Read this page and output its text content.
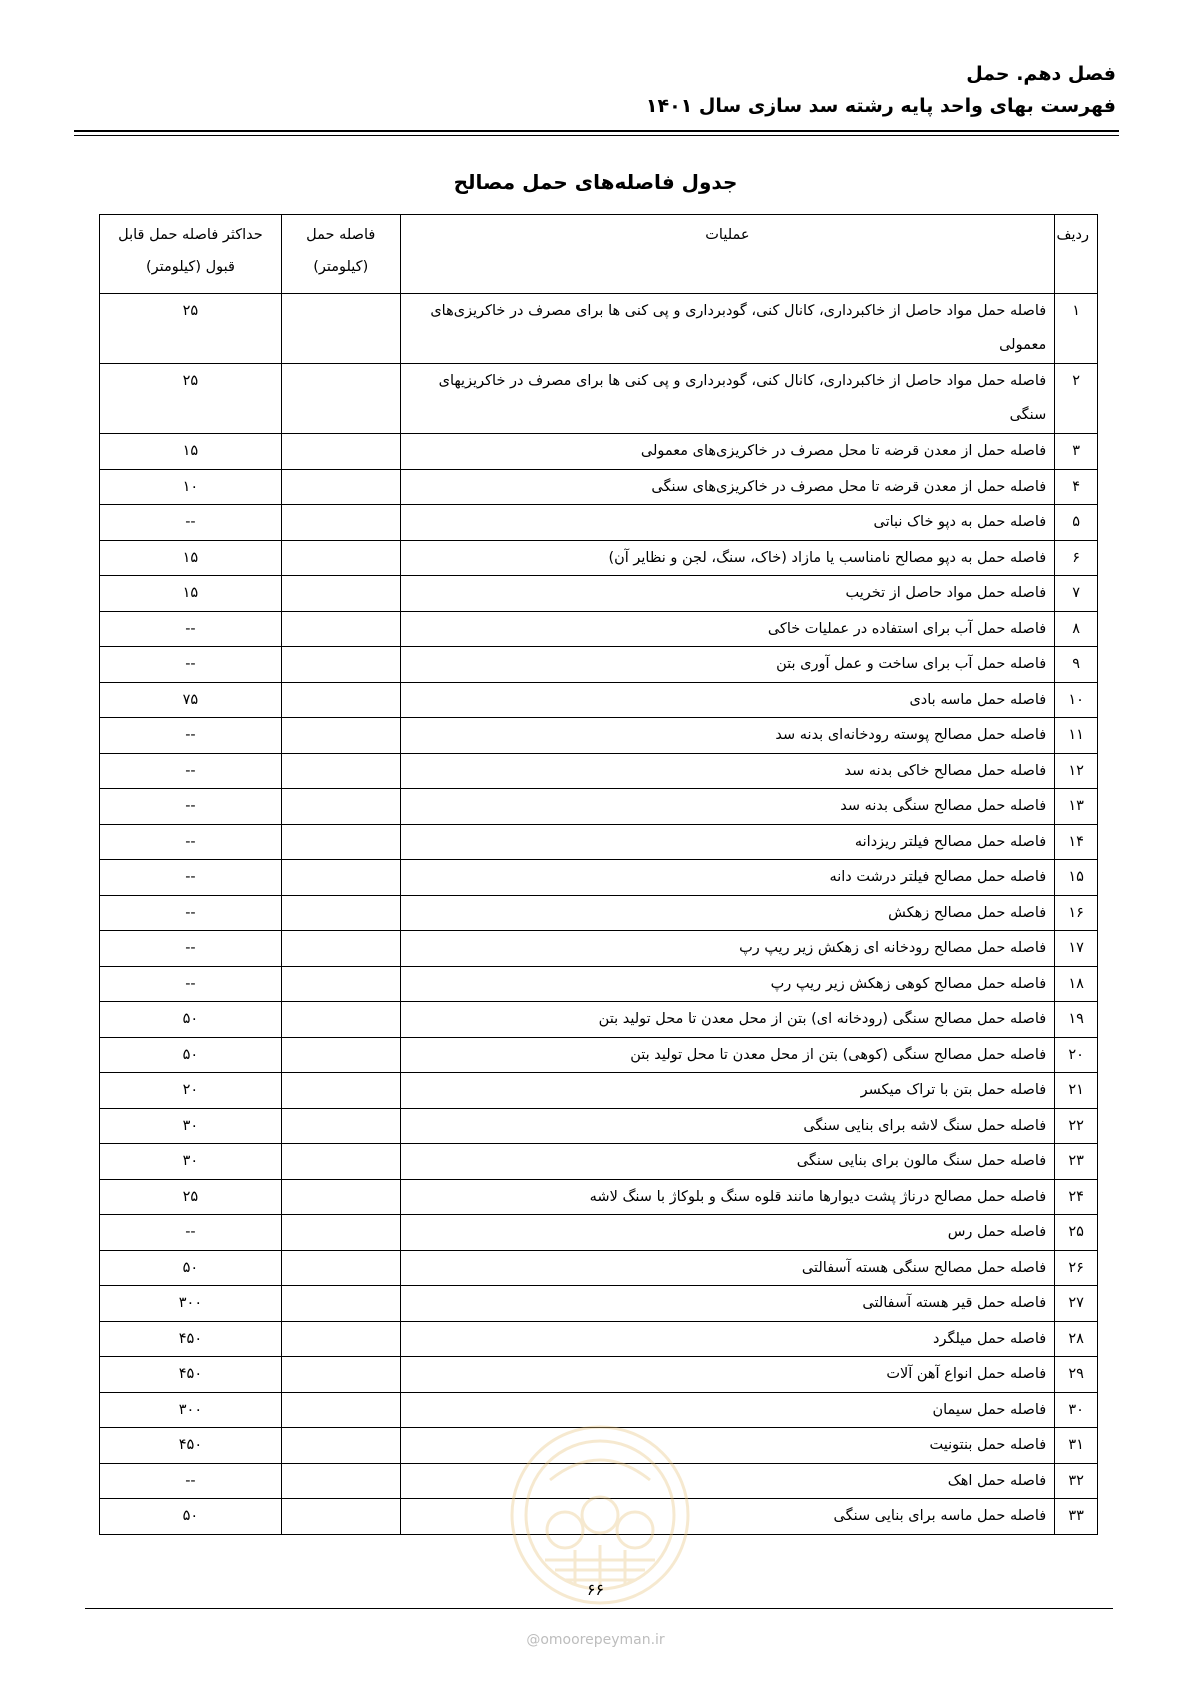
فصل دهم. حمل
فهرست بهای واحد پایه رشته سد سازی سال ۱۴۰۱
جدول فاصله‌های حمل مصالح
ردیف	عملیات	فاصله حمل (کیلومتر)	حداکثر فاصله حمل قابل قبول (کیلومتر)
۱	فاصله حمل مواد حاصل از خاکبرداری، کانال کنی، گودبرداری و پی کنی ها برای مصرف در خاکریزی‌های معمولی		۲۵
۲	فاصله حمل مواد حاصل از خاکبرداری، کانال کنی، گودبرداری و پی کنی ها برای مصرف در خاکریزیهای سنگی		۲۵
۳	فاصله حمل از معدن قرضه تا محل مصرف در خاکریزی‌های معمولی		۱۵
۴	فاصله حمل از معدن قرضه تا محل مصرف در خاکریزی‌های سنگی		۱۰
۵	فاصله حمل به دپو خاک نباتی		--
۶	فاصله حمل به دپو مصالح نامناسب یا مازاد (خاک، سنگ، لجن و نظایر آن)		۱۵
۷	فاصله حمل مواد حاصل از تخریب		۱۵
۸	فاصله حمل آب برای استفاده در عملیات خاکی		--
۹	فاصله حمل آب برای ساخت و عمل آوری بتن		--
۱۰	فاصله حمل ماسه بادی		۷۵
۱۱	فاصله حمل مصالح پوسته رودخانه‌ای بدنه سد		--
۱۲	فاصله حمل مصالح خاکی بدنه سد		--
۱۳	فاصله حمل مصالح سنگی بدنه سد		--
۱۴	فاصله حمل مصالح فیلتر ریزدانه		--
۱۵	فاصله حمل مصالح فیلتر درشت دانه		--
۱۶	فاصله حمل مصالح زهکش		--
۱۷	فاصله حمل مصالح رودخانه ای زهکش زیر ریپ رپ		--
۱۸	فاصله حمل مصالح کوهی زهکش زیر ریپ رپ		--
۱۹	فاصله حمل مصالح سنگی (رودخانه ای) بتن از محل معدن تا محل تولید بتن		۵۰
۲۰	فاصله حمل مصالح سنگی (کوهی) بتن از محل معدن تا محل تولید بتن		۵۰
۲۱	فاصله حمل بتن با تراک میکسر		۲۰
۲۲	فاصله حمل سنگ لاشه برای بنایی سنگی		۳۰
۲۳	فاصله حمل سنگ مالون برای بنایی سنگی		۳۰
۲۴	فاصله حمل مصالح درناژ پشت دیوارها مانند قلوه سنگ و بلوکاژ با سنگ لاشه		۲۵
۲۵	فاصله حمل رس		--
۲۶	فاصله حمل مصالح سنگی هسته آسفالتی		۵۰
۲۷	فاصله حمل قیر هسته آسفالتی		۳۰۰
۲۸	فاصله حمل میلگرد		۴۵۰
۲۹	فاصله حمل انواع آهن آلات		۴۵۰
۳۰	فاصله حمل سیمان		۳۰۰
۳۱	فاصله حمل بنتونیت		۴۵۰
۳۲	فاصله حمل اهک		--
۳۳	فاصله حمل ماسه برای بنایی سنگی		۵۰
۶۶
@omoorepeyman.ir
